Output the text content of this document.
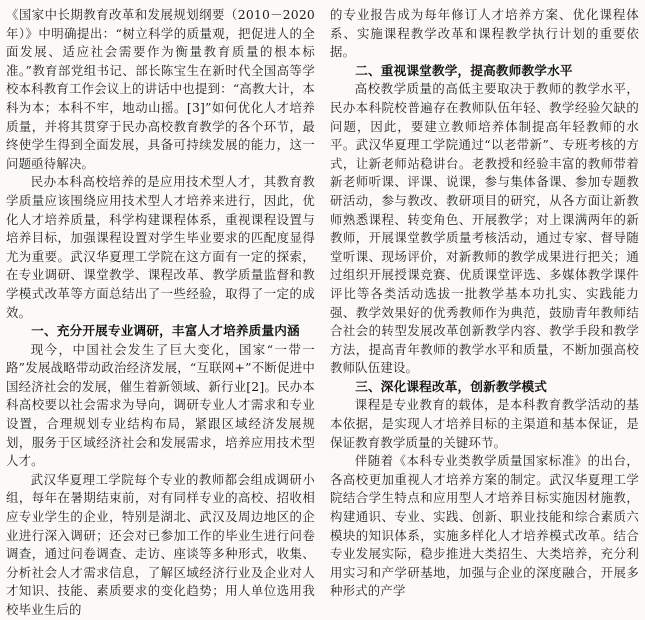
《国家中长期教育改革和发展规划纲要（2010－2020年）》中明确提出：“树立科学的质量观，把促进人的全面发展、适应社会需要作为衡量教育质量的根本标准。”教育部党组书记、部长陈宝生在新时代全国高等学校本科教育工作会议上的讲话中也提到：“高教大计，本科为本；本科不牢，地动山摇。[3]”如何优化人才培养质量，并将其贯穿于民办高校教育教学的各个环节，最终使学生得到全面发展，具备可持续发展的能力，这一问题亟待解决。

民办本科高校培养的是应用技术型人才，其教育教学质量应该围绕应用技术型人才培养来进行，因此，优化人才培养质量，科学构建课程体系，重视课程设置与培养目标，加强课程设置对学生毕业要求的匹配度显得尤为重要。武汉华夏理工学院在这方面有一定的探索，在专业调研、课堂教学、课程改革、教学质量监督和教学模式改革等方面总结出了一些经验，取得了一定的成效。

一、充分开展专业调研，丰富人才培养质量内涵

现今，中国社会发生了巨大变化，国家“一带一路”发展战略带动政治经济发展，“互联网+”不断促进中国经济社会的发展，催生着新领域、新行业[2]。民办本科高校要以社会需求为导向，调研专业人才需求和专业设置，合理规划专业结构布局，紧跟区域经济发展规划，服务于区域经济社会和发展需求，培养应用技术型人才。

武汉华夏理工学院每个专业的教师都会组成调研小组，每年在暑期结束前，对有同样专业的高校、招收相应专业学生的企业，特别是湖北、武汉及周边地区的企业进行深入调研；还会对已参加工作的毕业生进行问卷调查，通过问卷调查、走访、座谈等多种形式，收集、分析社会人才需求信息，了解区域经济行业及企业对人才知识、技能、素质要求的变化趋势；用人单位选用我校毕业生后的

的专业报告成为每年修订人才培养方案、优化课程体系、实施课程教学改革和课程教学执行计划的重要依据。

二、重视课堂教学，提高教师教学水平

高校教学质量的高低主要取决于教师的教学水平，民办本科院校普遍存在教师队伍年轻、教学经验欠缺的问题，因此，要建立教师培养体制提高年轻教师的水平。武汉华夏理工学院通过“以老带新”、专班考核的方式，让新老师站稳讲台。老教授和经验丰富的教师带着新老师听课、评课、说课，参与集体备课、参加专题教研活动，参与教改、教研项目的研究，从各方面让新教师熟悉课程、转变角色、开展教学；对上课满两年的新教师，开展课堂教学质量考核活动，通过专家、督导随堂听课、现场评价，对新教师的教学成果进行把关；通过组织开展授课竞赛、优质课堂评选、多媒体教学课件评比等各类活动选拔一批教学基本功扎实、实践能力强、教学效果好的优秀教师作为典范，鼓励青年教师结合社会的转型发展改革创新教学内容、教学手段和教学方法，提高青年教师的教学水平和质量，不断加强高校教师队伍建设。

三、深化课程改革，创新教学模式

课程是专业教育的载体，是本科教育教学活动的基本依据，是实现人才培养目标的主渠道和基本保证，是保证教育教学质量的关键环节。

伴随着《本科专业类教学质量国家标准》的出台，各高校更加重视人才培养方案的制定。武汉华夏理工学院结合学生特点和应用型人才培养目标实施因材施教，构建通识、专业、实践、创新、职业技能和综合素质六模块的知识体系，实施多样化人才培养模式改革。结合专业发展实际，稳步推进大类招生、大类培养，充分利用实习和产学研基地，加强与企业的深度融合，开展多种形式的产学
